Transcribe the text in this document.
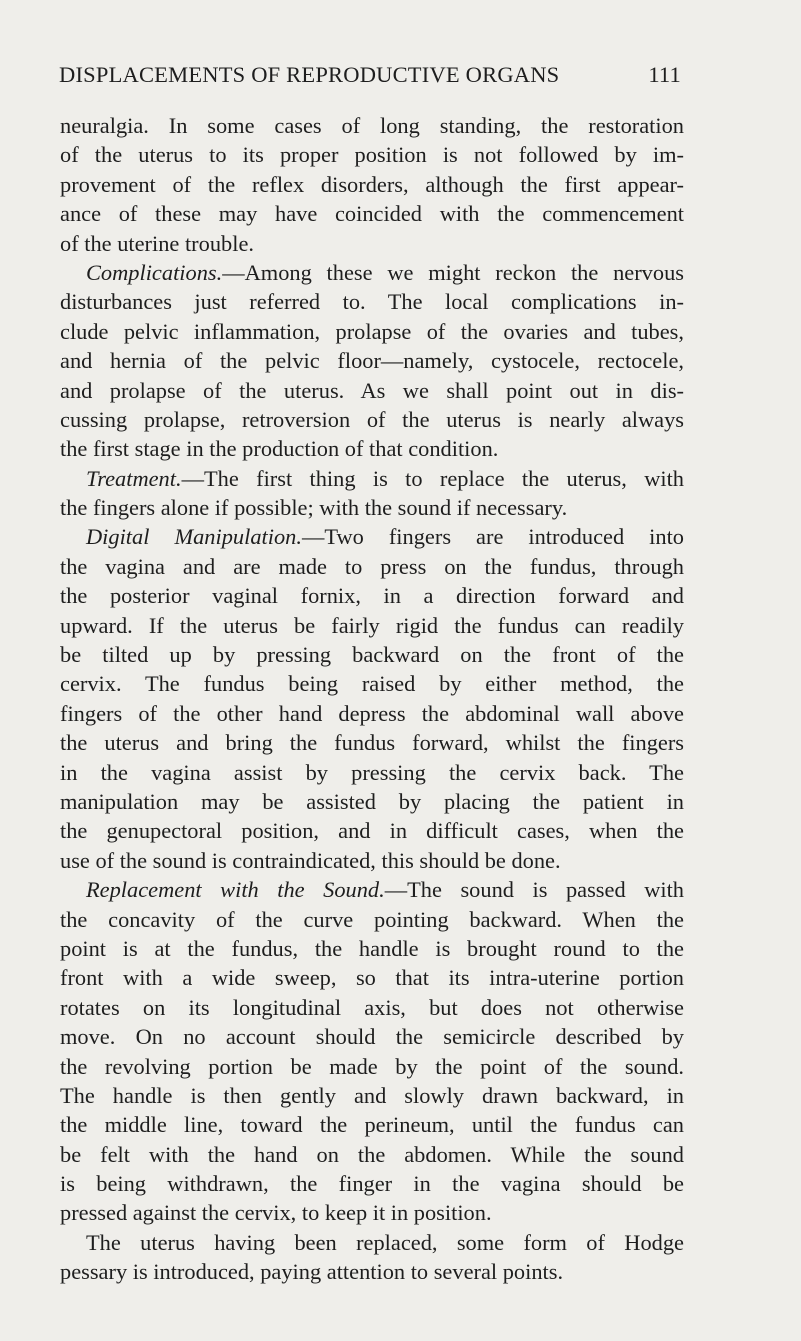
DISPLACEMENTS OF REPRODUCTIVE ORGANS	111
neuralgia. In some cases of long standing, the restoration
of the uterus to its proper position is not followed by im-
provement of the reflex disorders, although the first appear-
ance of these may have coincided with the commencement
of the uterine trouble.
Complications.—Among these we might reckon the nervous
disturbances just referred to. The local complications in-
clude pelvic inflammation, prolapse of the ovaries and tubes,
and hernia of the pelvic floor—namely, cystocele, rectocele,
and prolapse of the uterus. As we shall point out in dis-
cussing prolapse, retroversion of the uterus is nearly always
the first stage in the production of that condition.
Treatment.—The first thing is to replace the uterus, with
the fingers alone if possible; with the sound if necessary.
Digital Manipulation.—Two fingers are introduced into
the vagina and are made to press on the fundus, through
the posterior vaginal fornix, in a direction forward and
upward. If the uterus be fairly rigid the fundus can readily
be tilted up by pressing backward on the front of the
cervix. The fundus being raised by either method, the
fingers of the other hand depress the abdominal wall above
the uterus and bring the fundus forward, whilst the fingers
in the vagina assist by pressing the cervix back. The
manipulation may be assisted by placing the patient in
the genupectoral position, and in difficult cases, when the
use of the sound is contraindicated, this should be done.
Replacement with the Sound.—The sound is passed with
the concavity of the curve pointing backward. When the
point is at the fundus, the handle is brought round to the
front with a wide sweep, so that its intra-uterine portion
rotates on its longitudinal axis, but does not otherwise
move. On no account should the semicircle described by
the revolving portion be made by the point of the sound.
The handle is then gently and slowly drawn backward, in
the middle line, toward the perineum, until the fundus can
be felt with the hand on the abdomen. While the sound
is being withdrawn, the finger in the vagina should be
pressed against the cervix, to keep it in position.
The uterus having been replaced, some form of Hodge
pessary is introduced, paying attention to several points.
